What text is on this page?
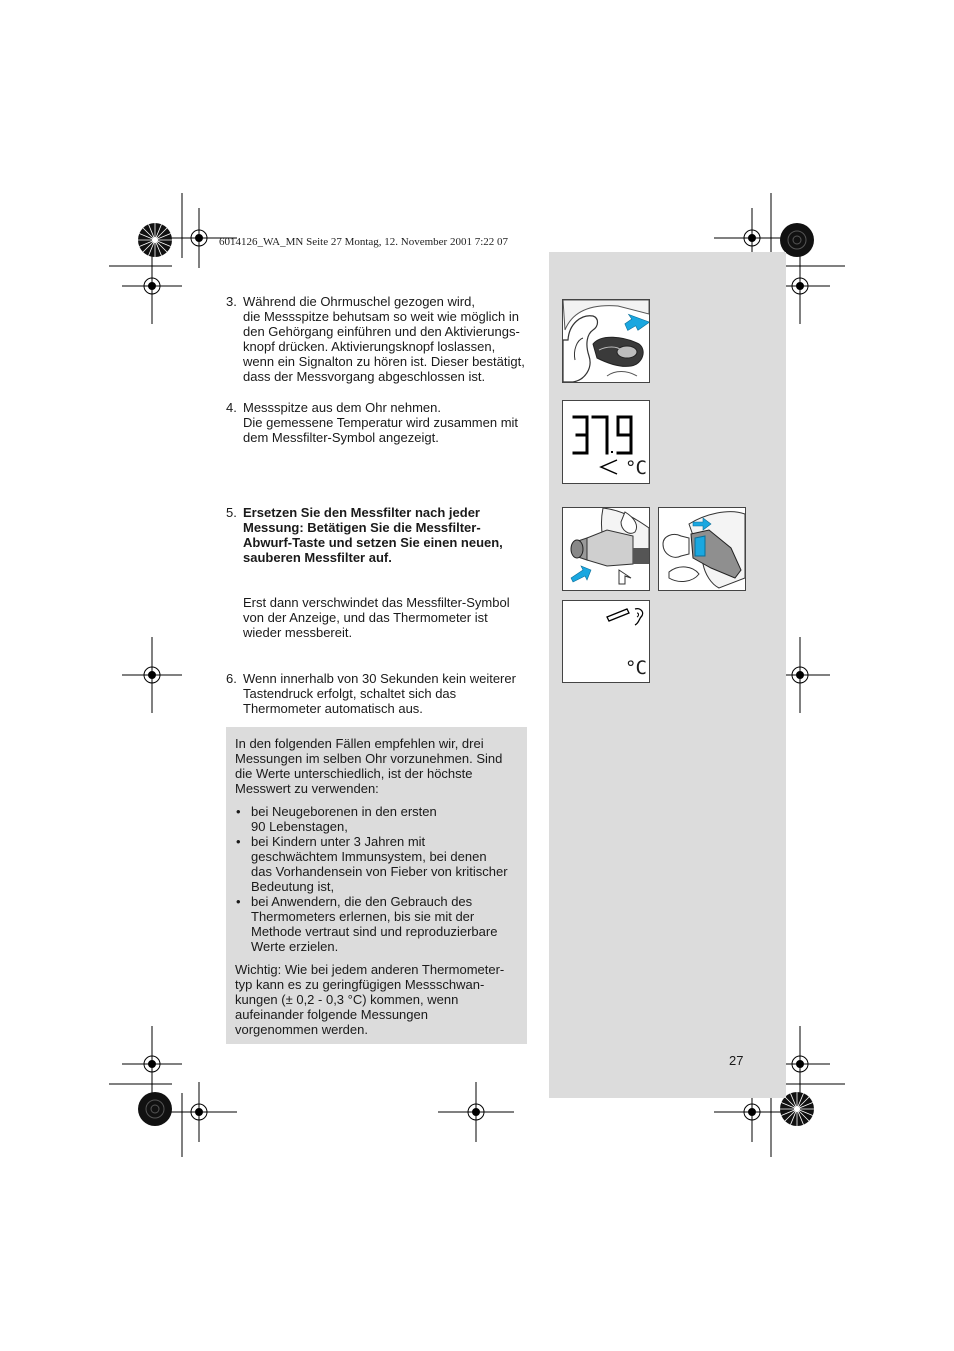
6014126_WA_MN Seite 27 Montag, 12. November 2001 7:22 07
3. Während die Ohrmuschel gezogen wird,

die Messspitze behutsam so weit wie möglich in

den Gehörgang einführen und den Aktivierungs-

knopf drücken. Aktivierungsknopf loslassen,

wenn ein Signalton zu hören ist. Dieser bestätigt,

dass der Messvorgang abgeschlossen ist.

4. Messspitze aus dem Ohr nehmen.

Die gemessene Temperatur wird zusammen mit

dem Messfilter-Symbol angezeigt.

5. Ersetzen Sie den Messfilter nach jeder

Messung: Betätigen Sie die Messfilter-

Abwurf-Taste und setzen Sie einen neuen,

sauberen Messfilter auf.

Erst dann verschwindet das Messfilter-Symbol

von der Anzeige, und das Thermometer ist

wieder messbereit.

6. Wenn innerhalb von 30 Sekunden kein weiterer

Tastendruck erfolgt, schaltet sich das

Thermometer automatisch aus.

In den folgenden Fällen empfehlen wir, drei

Messungen im selben Ohr vorzunehmen. Sind

die Werte unterschiedlich, ist der höchste

Messwert zu verwenden:

• bei Neugeborenen in den ersten
90 Lebenstagen,
• bei Kindern unter 3 Jahren mit
geschwächtem Immunsystem, bei denen
das Vorhandensein von Fieber von kritischer
Bedeutung ist,
• bei Anwendern, die den Gebrauch des
Thermometers erlernen, bis sie mit der
Methode vertraut sind und reproduzierbare
Werte erzielen.

Wichtig: Wie bei jedem anderen Thermometer-

typ kann es zu geringfügigen Messschwan-

kungen (± 0,2 - 0,3 °C) kommen, wenn

aufeinander folgende Messungen

vorgenommen werden.

°C
°C
27
